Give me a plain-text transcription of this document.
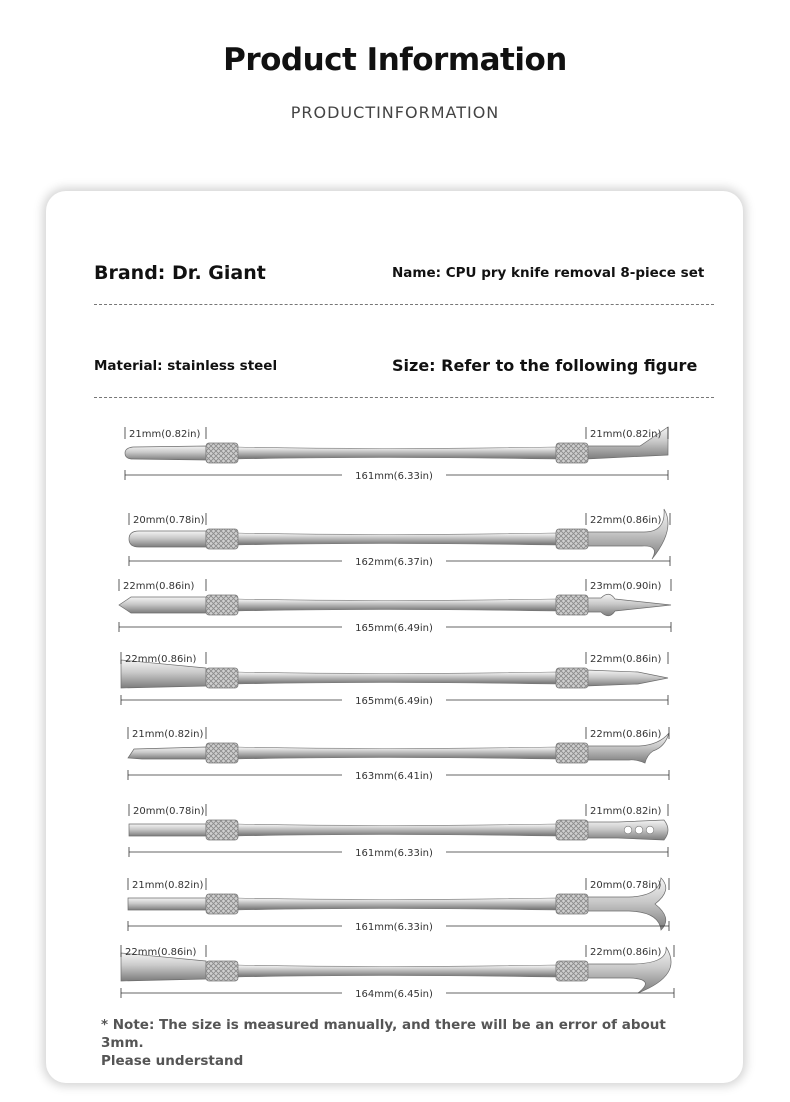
Product Information
PRODUCTINFORMATION
Brand: Dr. Giant	Name: CPU pry knife removal 8-piece set
Material: stainless steel	Size: Refer to the following figure
21mm(0.82in)	21mm(0.82in)
161mm(6.33in)
20mm(0.78in)	22mm(0.86in)
162mm(6.37in)
22mm(0.86in)	23mm(0.90in)
165mm(6.49in)
22mm(0.86in)	22mm(0.86in)
165mm(6.49in)
21mm(0.82in)	22mm(0.86in)
163mm(6.41in)
20mm(0.78in)	21mm(0.82in)
161mm(6.33in)
21mm(0.82in)	20mm(0.78in)
161mm(6.33in)
22mm(0.86in)	22mm(0.86in)
164mm(6.45in)
* Note: The size is measured manually, and there will be an error of about 3mm.
Please understand
